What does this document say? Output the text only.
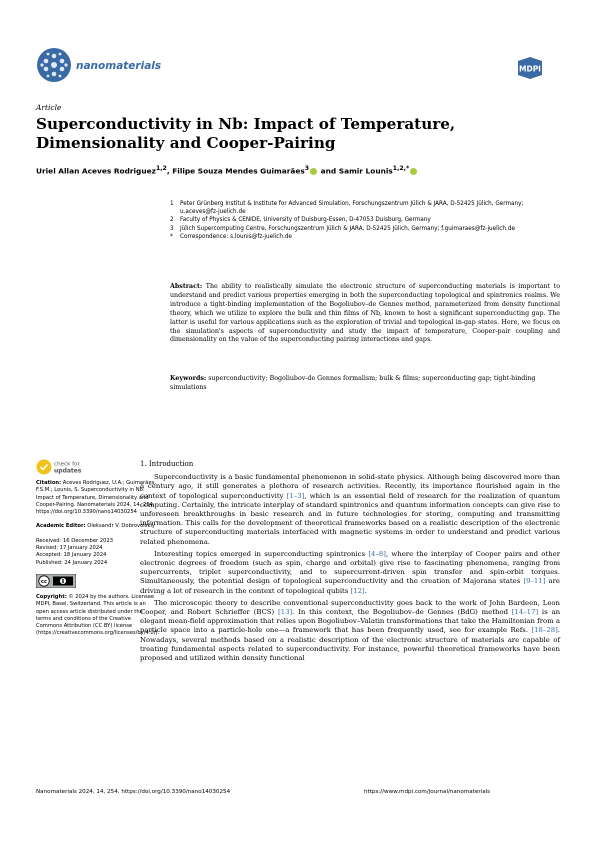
nanomaterials	MDPI
Article
Superconductivity in Nb: Impact of Temperature, Dimensionality and Cooper-Pairing
Uriel Allan Aceves Rodriguez$^{1,2}$, Filipe Souza Mendes Guimarães$^3$ and Samir Lounis$^{1,2,*}$
1	Peter Grünberg Institut & Institute for Advanced Simulation, Forschungszentrum Jülich & JARA, D-52425 Jülich, Germany; u.aceves@fz-juelich.de
2	Faculty of Physics & CENIDE, University of Duisburg-Essen, D-47053 Duisburg, Germany
3	Jülich Supercomputing Centre, Forschungszentrum Jülich & JARA, D-52425 Jülich, Germany; f.guimaraes@fz-juelich.de
*	Correspondence: s.lounis@fz-juelich.de
Abstract: The ability to realistically simulate the electronic structure of superconducting materials is important to understand and predict various properties emerging in both the superconducting topological and spintronics realms. We introduce a tight-binding implementation of the Bogoliubov–de Gennes method, parameterized from density functional theory, which we utilize to explore the bulk and thin films of Nb, known to host a significant superconducting gap. The latter is useful for various applications such as the exploration of trivial and topological in-gap states. Here, we focus on the simulation's aspects of superconductivity and study the impact of temperature, Cooper-pair coupling and dimensionality on the value of the superconducting pairing interactions and gaps.
Keywords: superconductivity; Bogoliubov-de Gennes formalism; bulk & films; superconducting gap; tight-binding simulations
check for
updates
Citation: Aceves Rodriguez, U.A.; Guimarães, F.S.M.; Lounis, S. Superconductivity in Nb: Impact of Temperature, Dimensionality and Cooper-Pairing. Nanomaterials 2024, 14, 254. https://doi.org/10.3390/nano14030254
Academic Editor: Oleksandr V. Dobrovolskiy
Received: 16 December 2023
Revised: 17 January 2024
Accepted: 18 January 2024
Published: 24 January 2024
cc
Copyright: © 2024 by the authors. Licensee MDPI, Basel, Switzerland. This article is an open access article distributed under the terms and conditions of the Creative Commons Attribution (CC BY) license (https://creativecommons.org/licenses/by/4.0/).
1. Introduction

Superconductivity is a basic fundamental phenomenon in solid-state physics. Although being discovered more than a century ago, it still generates a plethora of research activities. Recently, its importance flourished again in the context of topological superconductivity [1–3], which is an essential field of research for the realization of quantum computing. Certainly, the intricate interplay of standard spintronics and quantum information concepts can give rise to unforeseen breakthroughs in basic research and in future technologies for storing, computing and transmitting information. This calls for the development of theoretical frameworks based on a realistic description of the electronic structure of superconducting materials interfaced with magnetic systems in order to understand and predict various related phenomena.

Interesting topics emerged in superconducting spintronics [4–8], where the interplay of Cooper pairs and other electronic degrees of freedom (such as spin, charge and orbital) give rise to fascinating phenomena, ranging from supercurrents, triplet superconductivity, and to supercurrent-driven spin transfer and spin-orbit torques. Simultaneously, the potential design of topological superconductivity and the creation of Majorana states [9–11] are driving a lot of research in the context of topological qubits [12].

The microscopic theory to describe conventional superconductivity goes back to the work of John Bardeen, Leon Cooper, and Robert Schrieffer (BCS) [13]. In this context, the Bogoliubov–de Gennes (BdG) method [14–17] is an elegant mean-field approximation that relies upon Bogoliubov–Valatin transformations that take the Hamiltonian from a particle space into a particle-hole one—a framework that has been frequently used, see for example Refs. [18–28]. Nowadays, several methods based on a realistic description of the electronic structure of materials are capable of treating fundamental aspects related to superconductivity. For instance, powerful theoretical frameworks have been proposed and utilized within density functional

Nanomaterials 2024, 14, 254. https://doi.org/10.3390/nano14030254	https://www.mdpi.com/journal/nanomaterials
